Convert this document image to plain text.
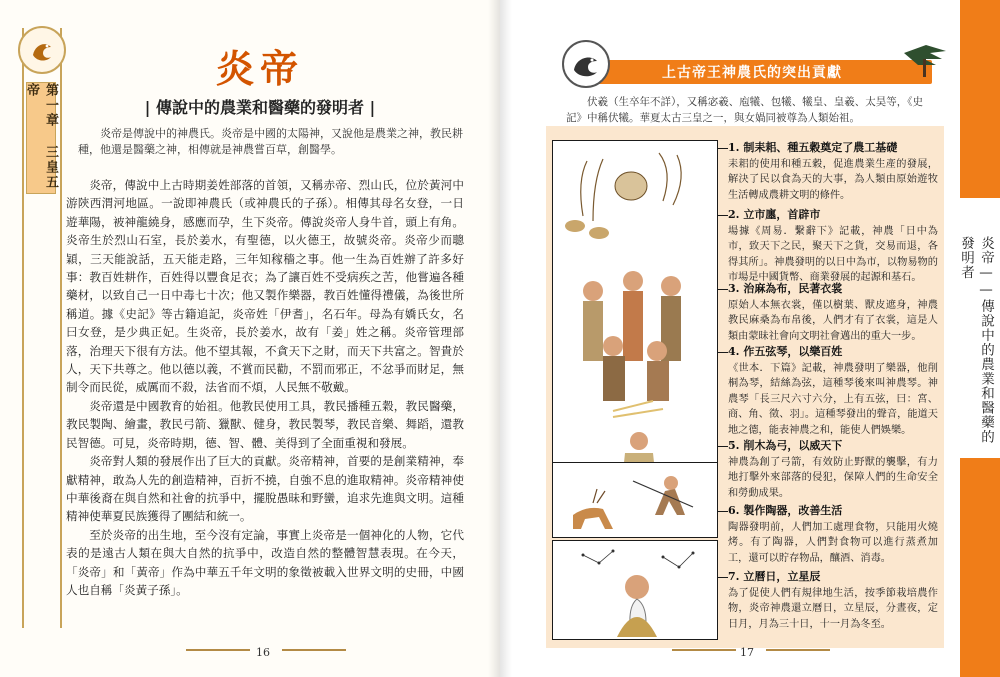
第一章 三皇五帝	炎帝
| 傳說中的農業和醫藥的發明者 |

炎帝是傳說中的神農氏。炎帝是中國的太陽神，又說他是農業之神，教民耕種，他還是醫藥之神，相傳就是神農嘗百草，創醫學。

炎帝，傳說中上古時期姜姓部落的首領，又稱赤帝、烈山氏，位於黃河中游陝西渭河地區。一說即神農氏（或神農氏的子孫）。相傳其母名女登，一日遊華陽，被神龍繞身，感應而孕，生下炎帝。傳說炎帝人身牛首，頭上有角。炎帝生於烈山石室，長於姜水，有聖德，以火德王，故號炎帝。炎帝少而聰穎，三天能說話，五天能走路，三年知稼穡之事。他一生為百姓辦了許多好事：教百姓耕作，百姓得以豐食足衣；為了讓百姓不受病疾之苦，他嘗遍各種藥材，以致自己一日中毒七十次；他又製作樂器，教百姓懂得禮儀，為後世所稱道。據《史記》等古籍追記，炎帝姓「伊耆」，名石年。母為有嬌氏女，名曰女登，是少典正妃。生炎帝，長於姜水，故有「姜」姓之稱。炎帝管理部落，治理天下很有方法。他不望其報，不貪天下之財，而天下共富之。智貴於人，天下共尊之。他以德以義，不賞而民勸，不罰而邪正，不忿爭而財足，無制令而民從，威厲而不殺，法省而不煩，人民無不敬戴。

炎帝還是中國教育的始祖。他教民使用工具，教民播種五穀，教民醫藥，教民製陶、繪畫，教民弓箭、獵獸、健身，教民製琴，教民音樂、舞蹈，還教民智德。可見，炎帝時期，德、智、體、美得到了全面重視和發展。

炎帝對人類的發展作出了巨大的貢獻。炎帝精神，首要的是創業精神，奉獻精神，敢為人先的創造精神，百折不撓，自強不息的進取精神。炎帝精神使中華後裔在與自然和社會的抗爭中，擺脫愚昧和野蠻，追求先進與文明。這種精神使華夏民族獲得了團結和統一。

至於炎帝的出生地，至今沒有定論，事實上炎帝是一個神化的人物，它代表的是遠古人類在與大自然的抗爭中，改造自然的整體智慧表現。在今天，「炎帝」和「黃帝」作為中華五千年文明的象徵被載入世界文明的史冊，中國人也自稱「炎黃子孫」。

16
炎帝——傳說中的農業和醫藥的發明者
上古帝王神農氏的突出貢獻
伏羲（生卒年不詳），又稱宓羲、庖犧、包犧、犧皇、皇羲、太昊等，《史記》中稱伏犧。華夏太古三皇之一，與女媧同被尊為人類始祖。
1. 制耒耜、種五穀奠定了農工基礎
耒耜的使用和種五穀，促進農業生產的發展，解決了民以食為天的大事，為人類由原始遊牧生活轉成農耕文明的條件。
2. 立市廛，首辟市
場據《周易．繫辭下》記載，神農「日中為市，致天下之民，聚天下之貨，交易而退，各得其所」。神農發明的以日中為市，以物易物的市場是中國貨幣、商業發展的起源和基石。
3. 治麻為布，民著衣裳
原始人本無衣裳，僅以樹葉、獸皮遮身，神農教民麻桑為布帛後，人們才有了衣裳，這是人類由蒙昧社會向文明社會邁出的重大一步。
4. 作五弦琴，以樂百姓
《世本．下篇》記載，神農發明了樂器，他削桐為琴，結絲為弦，這種琴後來叫神農琴。神農琴「長三尺六寸六分，上有五弦，曰：宮、商、角、徵、羽」。這種琴發出的聲音，能道天地之德，能表神農之和，能使人們娛樂。
5. 削木為弓，以威天下
神農為創了弓箭，有效防止野獸的襲擊，有力地打擊外來部落的侵犯，保障人們的生命安全和勞動成果。
6. 製作陶器，改善生活
陶器發明前，人們加工處理食物，只能用火燒烤。有了陶器，人們對食物可以進行蒸煮加工，還可以貯存物品，釀酒、消毒。
7. 立曆日，立星辰
為了促使人們有規律地生活，按季節栽培農作物，炎帝神農還立曆日，立星辰，分晝夜，定日月，月為三十日，十一月為冬至。
17
